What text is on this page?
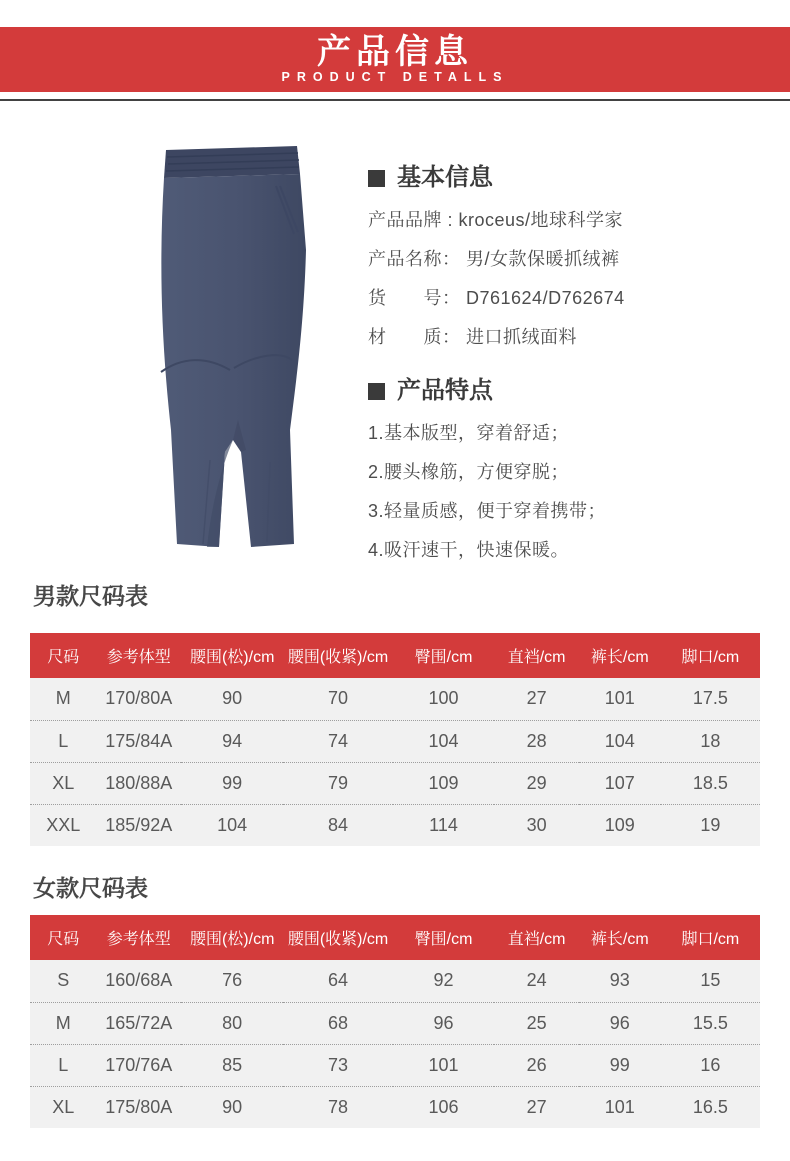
产品信息
PRODUCT DETALLS
基本信息
产品品牌 : kroceus/地球科学家
产品名称： 男/女款保暖抓绒裤
货　　号： D761624/D762674
材　　质： 进口抓绒面料
产品特点
1.基本版型，穿着舒适；
2.腰头橡筋，方便穿脱；
3.轻量质感，便于穿着携带；
4.吸汗速干，快速保暖。
男款尺码表
尺码	参考体型	腰围(松)/cm	腰围(收紧)/cm	臀围/cm	直裆/cm	裤长/cm	脚口/cm
M	170/80A	90	70	100	27	101	17.5
L	175/84A	94	74	104	28	104	18
XL	180/88A	99	79	109	29	107	18.5
XXL	185/92A	104	84	114	30	109	19
女款尺码表
尺码	参考体型	腰围(松)/cm	腰围(收紧)/cm	臀围/cm	直裆/cm	裤长/cm	脚口/cm
S	160/68A	76	64	92	24	93	15
M	165/72A	80	68	96	25	96	15.5
L	170/76A	85	73	101	26	99	16
XL	175/80A	90	78	106	27	101	16.5
